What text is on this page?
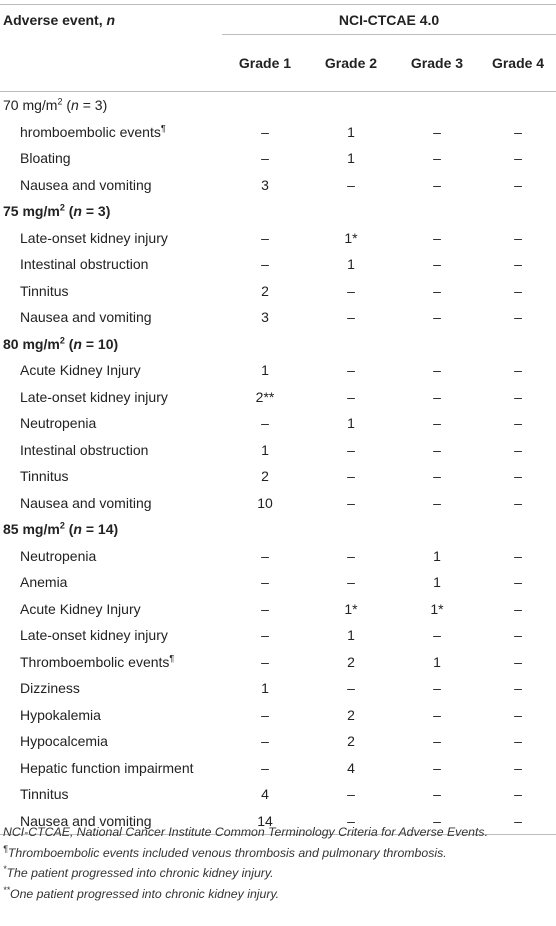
Adverse event, n	NCI-CTCAE 4.0			
	Grade 1	Grade 2	Grade 3	Grade 4
70 $mg/m^2$ (n = 3)				
hromboembolic events¶	–	1	–	–
Bloating	–	1	–	–
Nausea and vomiting	3	–	–	–
75 $mg/m^2$ (n = 3)				
Late-onset kidney injury	–	1*	–	–
Intestinal obstruction	–	1	–	–
Tinnitus	2	–	–	–
Nausea and vomiting	3	–	–	–
80 $mg/m^2$ (n = 10)				
Acute Kidney Injury	1	–	–	–
Late-onset kidney injury	2**	–	–	–
Neutropenia	–	1	–	–
Intestinal obstruction	1	–	–	–
Tinnitus	2	–	–	–
Nausea and vomiting	10	–	–	–
85 $mg/m^2$ (n = 14)				
Neutropenia	–	–	1	–
Anemia	–	–	1	–
Acute Kidney Injury	–	1*	1*	–
Late-onset kidney injury	–	1	–	–
Thromboembolic events¶	–	2	1	–
Dizziness	1	–	–	–
Hypokalemia	–	2	–	–
Hypocalcemia	–	2	–	–
Hepatic function impairment	–	4	–	–
Tinnitus	4	–	–	–
Nausea and vomiting	14	–	–	–

NCI-CTCAE, National Cancer Institute Common Terminology Criteria for Adverse Events.

¶Thromboembolic events included venous thrombosis and pulmonary thrombosis.

*The patient progressed into chronic kidney injury.

**One patient progressed into chronic kidney injury.
